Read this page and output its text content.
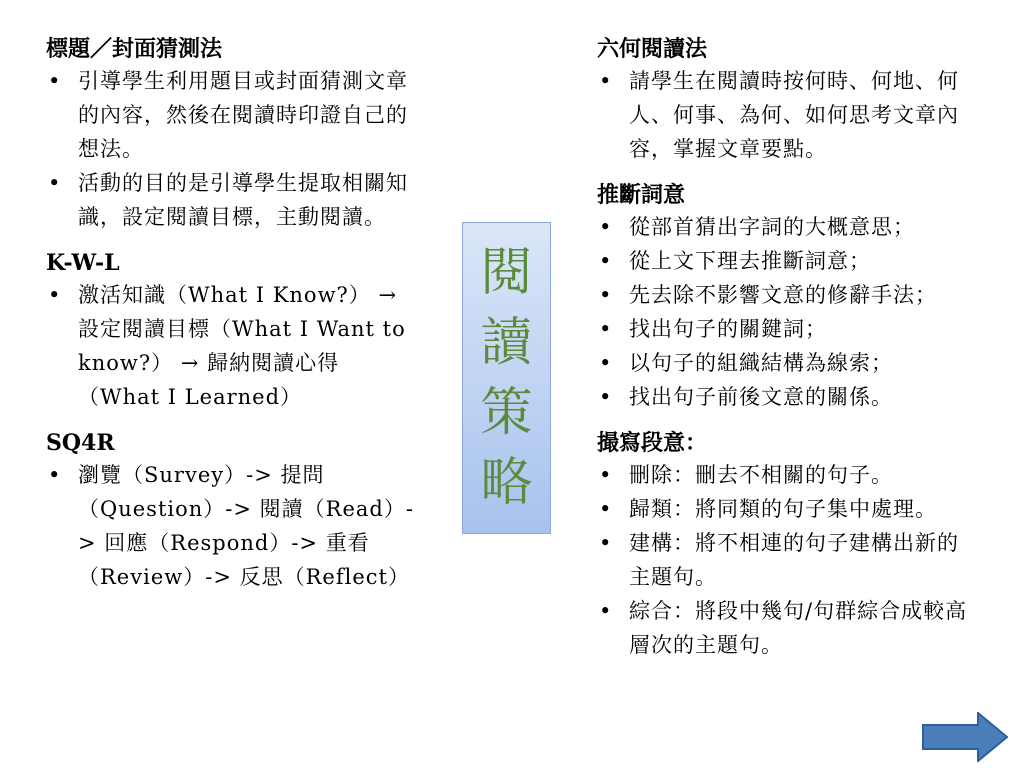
標題／封面猜測法
• 引導學生利用題目或封面猜測文章的內容，然後在閱讀時印證自己的想法。
• 活動的目的是引導學生提取相關知識，設定閱讀目標，主動閱讀。
K-W-L
• 激活知識（What I Know?） → 設定閱讀目標（What I Want to know?） → 歸納閱讀心得（What I Learned）
SQ4R
• 瀏覽（Survey）-> 提問（Question）-> 閱讀（Read）-> 回應（Respond）-> 重看 （Review）-> 反思（Reflect）
閱
讀
策
略
六何閱讀法
• 請學生在閱讀時按何時、何地、何人、何事、為何、如何思考文章內容，掌握文章要點。
推斷詞意
• 從部首猜出字詞的大概意思；
• 從上文下理去推斷詞意；
• 先去除不影響文意的修辭手法；
• 找出句子的關鍵詞；
• 以句子的組織結構為線索；
• 找出句子前後文意的關係。
撮寫段意：
• 刪除：刪去不相關的句子。
• 歸類：將同類的句子集中處理。
• 建構：將不相連的句子建構出新的主題句。
• 綜合：將段中幾句/句群綜合成較高層次的主題句。
